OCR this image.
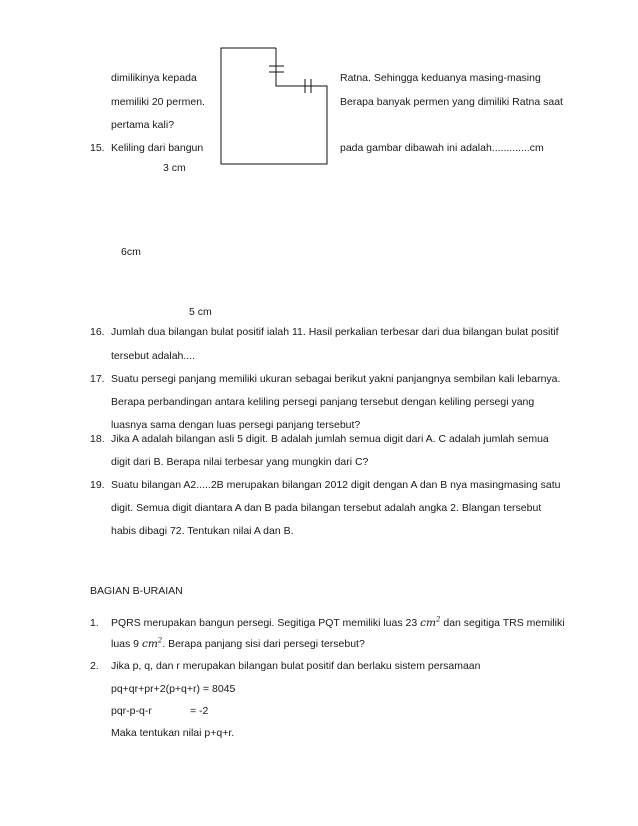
dimilikinya kepada
memiliki 20 permen.
pertama kali?
Ratna. Sehingga keduanya masing-masing
Berapa banyak permen yang dimiliki Ratna saat
pada gambar dibawah ini adalah.............cm
15. Keliling dari bangun
3 cm
6cm
5 cm
16. Jumlah dua bilangan bulat positif ialah 11. Hasil perkalian terbesar dari dua bilangan bulat positif
tersebut adalah....
17. Suatu persegi panjang memiliki ukuran sebagai berikut yakni panjangnya sembilan kali lebarnya.
Berapa perbandingan antara keliling persegi panjang tersebut dengan keliling persegi yang
luasnya sama dengan luas persegi panjang tersebut?
18. Jika A adalah bilangan asli 5 digit. B adalah jumlah semua digit dari A. C adalah jumlah semua
digit dari B. Berapa nilai terbesar yang mungkin dari C?
19. Suatu bilangan A2.....2B merupakan bilangan 2012 digit dengan A dan B nya masingmasing satu
digit. Semua digit diantara A dan B pada bilangan tersebut adalah angka 2. Blangan tersebut
habis dibagi 72. Tentukan nilai A dan B.
BAGIAN B-URAIAN
1. PQRS merupakan bangun persegi. Segitiga PQT memiliki luas 23 $cm^2$ dan segitiga TRS memiliki
luas 9 $cm^2$. Berapa panjang sisi dari persegi tersebut?
2. Jika p, q, dan r merupakan bilangan bulat positif dan berlaku sistem persamaan
pq+qr+pr+2(p+q+r) = 8045
pqr-p-q-r	= -2
Maka tentukan nilai p+q+r.
